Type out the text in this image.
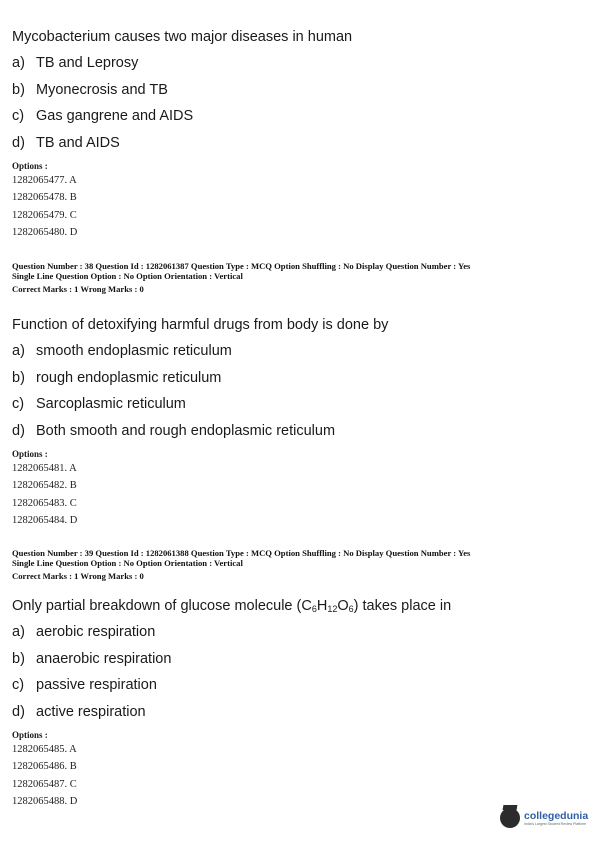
Mycobacterium causes two major diseases in human
a) TB and Leprosy
b) Myonecrosis and TB
c) Gas gangrene and AIDS
d) TB and AIDS
Options :
1282065477. A
1282065478. B
1282065479. C
1282065480. D
Question Number : 38 Question Id : 1282061387 Question Type : MCQ Option Shuffling : No Display Question Number : Yes
Single Line Question Option : No Option Orientation : Vertical
Correct Marks : 1 Wrong Marks : 0
Function of detoxifying harmful drugs from body is done by
a) smooth endoplasmic reticulum
b) rough endoplasmic reticulum
c) Sarcoplasmic reticulum
d) Both smooth and rough endoplasmic reticulum
Options :
1282065481. A
1282065482. B
1282065483. C
1282065484. D
Question Number : 39 Question Id : 1282061388 Question Type : MCQ Option Shuffling : No Display Question Number : Yes
Single Line Question Option : No Option Orientation : Vertical
Correct Marks : 1 Wrong Marks : 0
Only partial breakdown of glucose molecule $(C_6H_{12}O_6)$ takes place in
a) aerobic respiration
b) anaerobic respiration
c) passive respiration
d) active respiration
Options :
1282065485. A
1282065486. B
1282065487. C
1282065488. D
collegedunia
India's Largest Student Review Platform
